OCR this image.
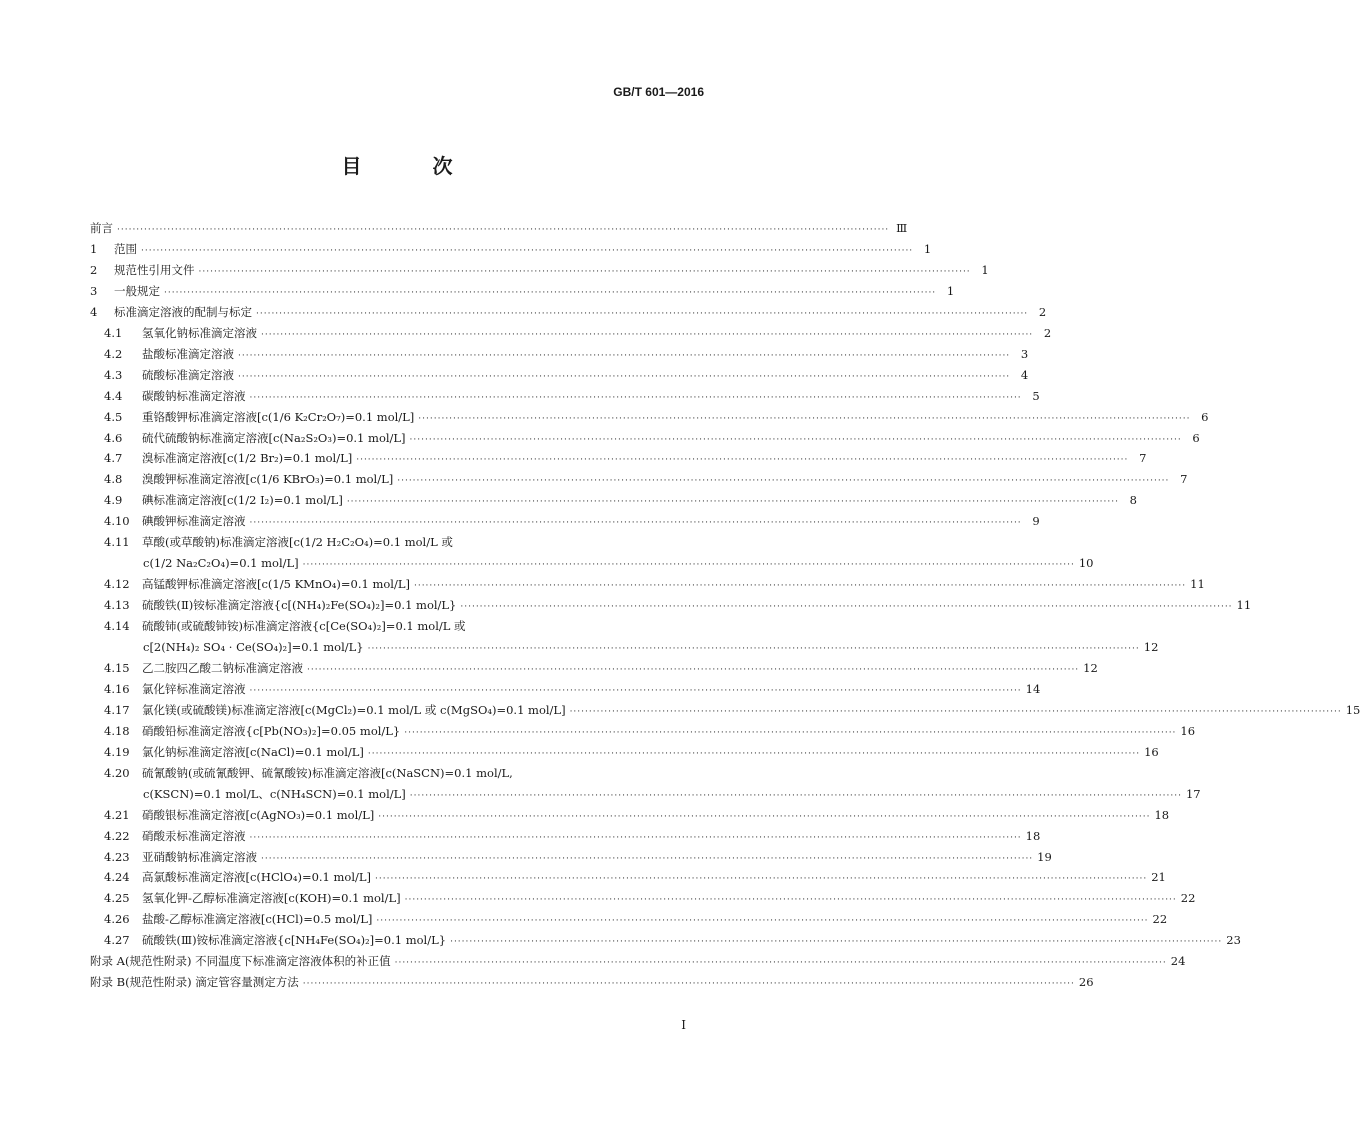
GB/T 601—2016
目 次
前言 ········································································································································································································ Ⅲ
1	范围 ········································································································································································································ 1
2	规范性引用文件 ········································································································································································································ 1
3	一般规定 ········································································································································································································ 1
4	标准滴定溶液的配制与标定 ········································································································································································································ 2
4.1	氢氧化钠标准滴定溶液 ········································································································································································································ 2
4.2	盐酸标准滴定溶液 ········································································································································································································ 3
4.3	硫酸标准滴定溶液 ········································································································································································································ 4
4.4	碳酸钠标准滴定溶液 ········································································································································································································ 5
4.5	重铬酸钾标准滴定溶液[c(1/6 K₂Cr₂O₇)=0.1 mol/L] ········································································································································································································ 6
4.6	硫代硫酸钠标准滴定溶液[c(Na₂S₂O₃)=0.1 mol/L] ········································································································································································································ 6
4.7	溴标准滴定溶液[c(1/2 Br₂)=0.1 mol/L] ········································································································································································································ 7
4.8	溴酸钾标准滴定溶液[c(1/6 KBrO₃)=0.1 mol/L] ········································································································································································································ 7
4.9	碘标准滴定溶液[c(1/2 I₂)=0.1 mol/L] ········································································································································································································ 8
4.10	碘酸钾标准滴定溶液 ········································································································································································································ 9
4.11 草酸(或草酸钠)标准滴定溶液[c(1/2 H₂C₂O₄)=0.1 mol/L 或
c(1/2 Na₂C₂O₄)=0.1 mol/L] ········································································································································································································ 10
4.12	高锰酸钾标准滴定溶液[c(1/5 KMnO₄)=0.1 mol/L] ········································································································································································································ 11
4.13	硫酸铁(Ⅱ)铵标准滴定溶液{c[(NH₄)₂Fe(SO₄)₂]=0.1 mol/L} ········································································································································································································ 11
4.14 硫酸铈(或硫酸铈铵)标准滴定溶液{c[Ce(SO₄)₂]=0.1 mol/L 或
c[2(NH₄)₂ SO₄ · Ce(SO₄)₂]=0.1 mol/L} ········································································································································································································ 12
4.15	乙二胺四乙酸二钠标准滴定溶液 ········································································································································································································ 12
4.16	氯化锌标准滴定溶液 ········································································································································································································ 14
4.17	氯化镁(或硫酸镁)标准滴定溶液[c(MgCl₂)=0.1 mol/L 或 c(MgSO₄)=0.1 mol/L] ········································································································································································································ 15
4.18	硝酸铅标准滴定溶液{c[Pb(NO₃)₂]=0.05 mol/L} ········································································································································································································ 16
4.19	氯化钠标准滴定溶液[c(NaCl)=0.1 mol/L] ········································································································································································································ 16
4.20 硫氰酸钠(或硫氰酸钾、硫氰酸铵)标准滴定溶液[c(NaSCN)=0.1 mol/L,
c(KSCN)=0.1 mol/L、c(NH₄SCN)=0.1 mol/L] ········································································································································································································ 17
4.21	硝酸银标准滴定溶液[c(AgNO₃)=0.1 mol/L] ········································································································································································································ 18
4.22	硝酸汞标准滴定溶液 ········································································································································································································ 18
4.23	亚硝酸钠标准滴定溶液 ········································································································································································································ 19
4.24	高氯酸标准滴定溶液[c(HClO₄)=0.1 mol/L] ········································································································································································································ 21
4.25	氢氧化钾-乙醇标准滴定溶液[c(KOH)=0.1 mol/L] ········································································································································································································ 22
4.26	盐酸-乙醇标准滴定溶液[c(HCl)=0.5 mol/L] ········································································································································································································ 22
4.27	硫酸铁(Ⅲ)铵标准滴定溶液{c[NH₄Fe(SO₄)₂]=0.1 mol/L} ········································································································································································································ 23
附录 A(规范性附录) 不同温度下标准滴定溶液体积的补正值 ········································································································································································································ 24
附录 B(规范性附录) 滴定管容量测定方法 ········································································································································································································ 26
Ⅰ
